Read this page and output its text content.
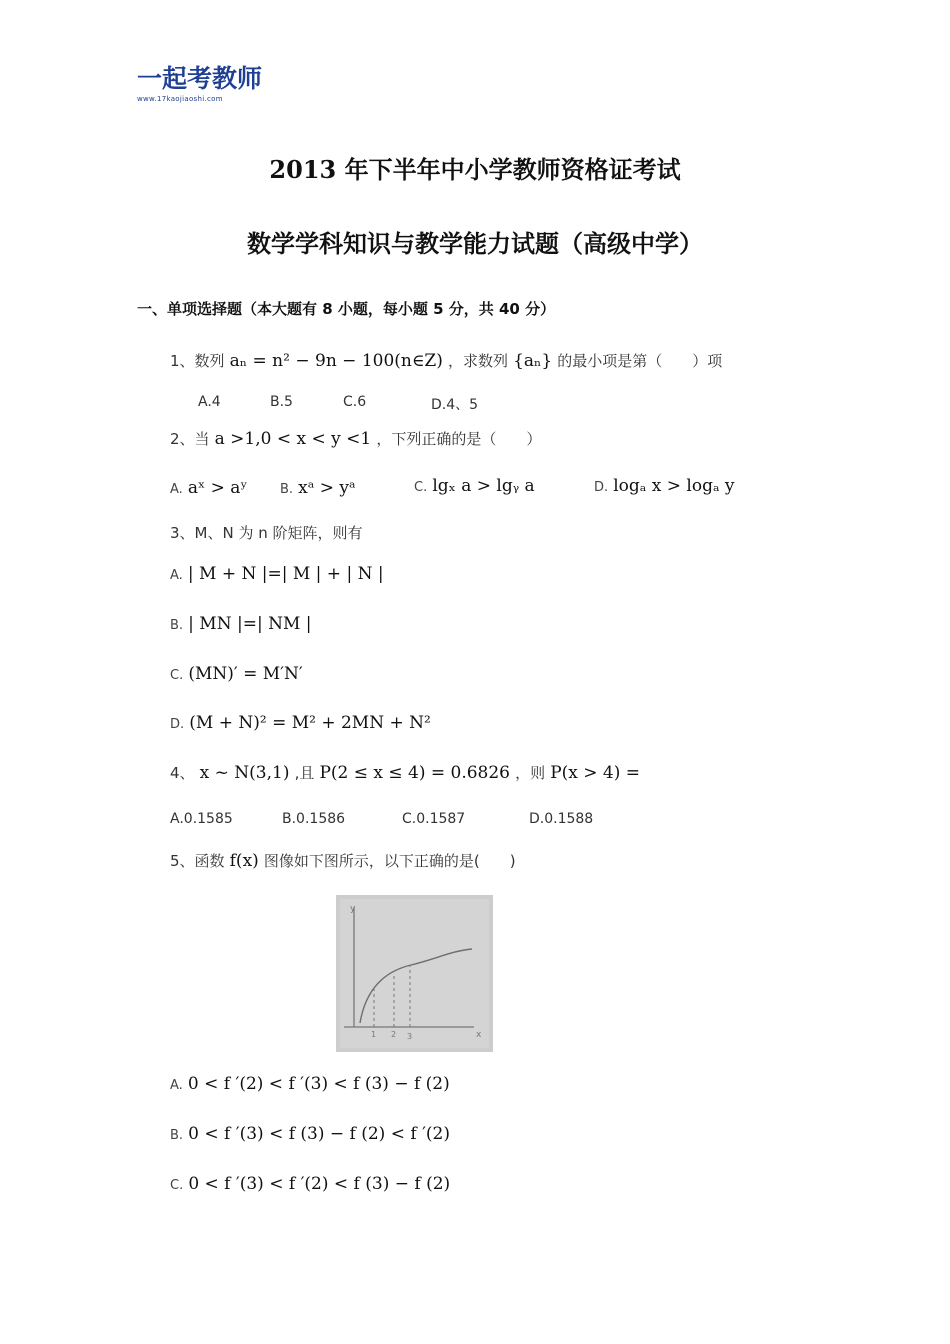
一起考教师
www.17kaojiaoshi.com
2013 年下半年中小学教师资格证考试
数学学科知识与教学能力试题（高级中学）
一、单项选择题（本大题有 8 小题，每小题 5 分，共 40 分）
1、数列 aₙ = n² − 9n − 100(n∈Z) ，求数列 {aₙ} 的最小项是第（　　）项
A.4	B.5	C.6	D.4、5
2、当 a >1,0 < x < y <1 ，下列正确的是（　　）
A. aˣ > aʸ B. xᵃ > yᵃ	C. lgₓ a > lgᵧ a	D. logₐ x > logₐ y
3、M、N 为 n 阶矩阵，则有
A. | M + N |=| M | + | N |
B. | MN |=| NM |
C. (MN)′ = M′N′
D. (M + N)² = M² + 2MN + N²
4、 x ~ N(3,1) ,且 P(2 ≤ x ≤ 4) = 0.6826 ，则 P(x > 4) =
A.0.1585	B.0.1586	C.0.1587	D.0.1588
5、函数 f(x) 图像如下图所示，以下正确的是(　　)
y
x
1 2 3
A. 0 < f ′(2) < f ′(3) < f (3) − f (2)
B. 0 < f ′(3) < f (3) − f (2) < f ′(2)
C. 0 < f ′(3) < f ′(2) < f (3) − f (2)
